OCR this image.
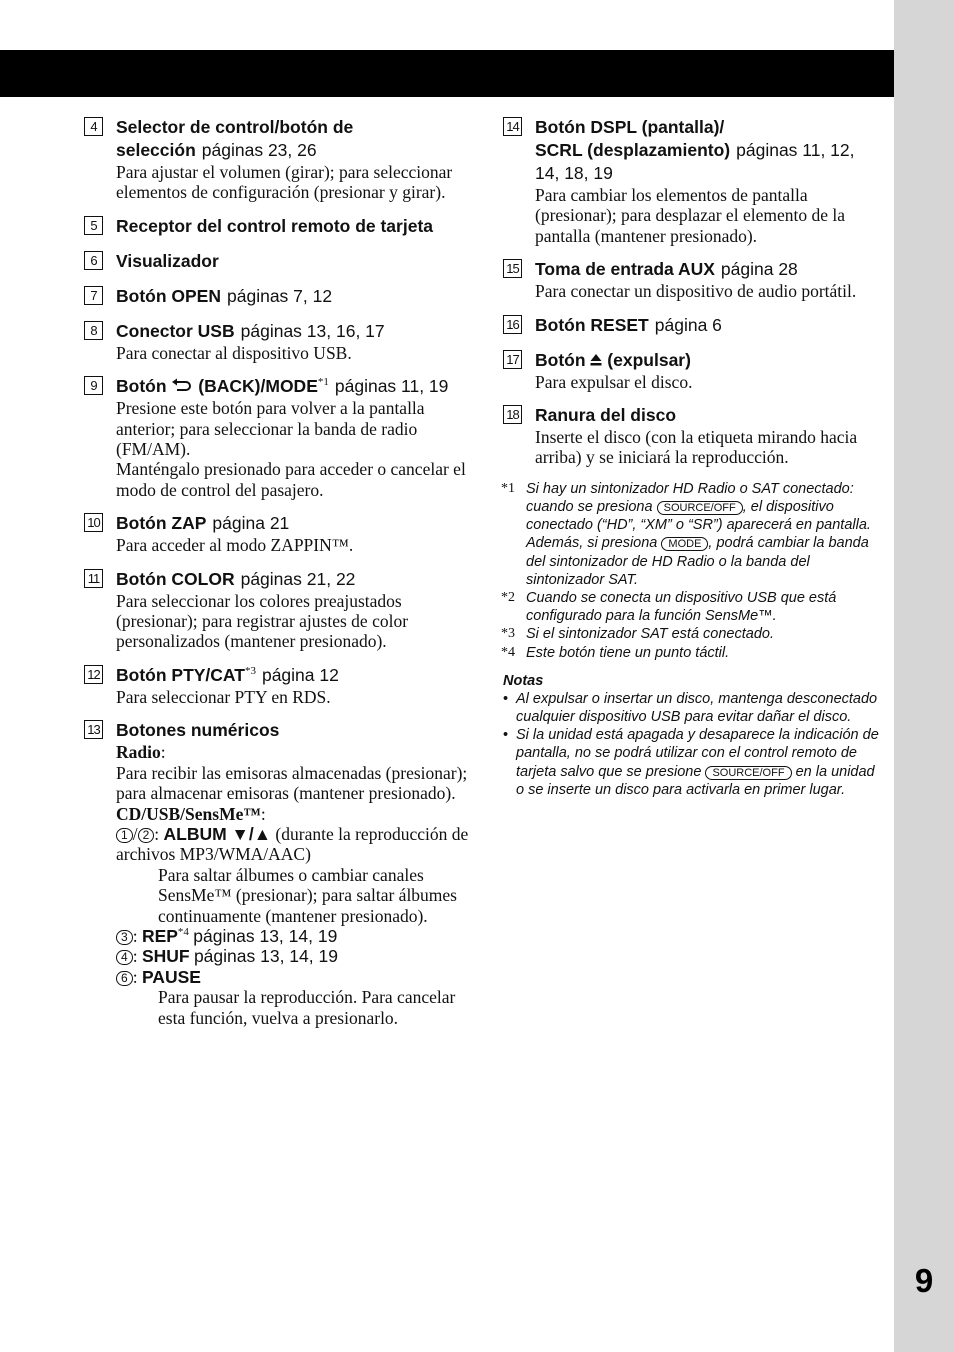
9
4	Selector de control/botón de selección páginas 23, 26
Para ajustar el volumen (girar); para seleccionar elementos de configuración (presionar y girar).
5	Receptor del control remoto de tarjeta
6	Visualizador
7	Botón OPEN páginas 7, 12
8	Conector USB páginas 13, 16, 17
Para conectar al dispositivo USB.
9	Botón (BACK)/MODE$^{*1}$ páginas 11, 19
Presione este botón para volver a la pantalla anterior; para seleccionar la banda de radio (FM/AM).
Manténgalo presionado para acceder o cancelar el modo de control del pasajero.
10 Botón ZAP página 21
Para acceder al modo ZAPPIN™.
11 Botón COLOR páginas 21, 22
Para seleccionar los colores preajustados (presionar); para registrar ajustes de color personalizados (mantener presionado).
12 Botón PTY/CAT$^{*3}$ página 12
Para seleccionar PTY en RDS.
13 Botones numéricos
Radio:
Para recibir las emisoras almacenadas (presionar); para almacenar emisoras (mantener presionado).
CD/USB/SensMe™:
1 / 2 : ALBUM ▼/▲ (durante la reproducción de archivos MP3/WMA/AAC)
Para saltar álbumes o cambiar canales SensMe™ (presionar); para saltar álbumes continuamente (mantener presionado).
3 : REP$^{*4}$ páginas 13, 14, 19
4 : SHUF páginas 13, 14, 19
6 : PAUSE
Para pausar la reproducción. Para cancelar esta función, vuelva a presionarlo.
14 Botón DSPL (pantalla)/
SCRL (desplazamiento) páginas 11, 12, 14, 18, 19
Para cambiar los elementos de pantalla (presionar); para desplazar el elemento de la pantalla (mantener presionado).
15 Toma de entrada AUX página 28
Para conectar un dispositivo de audio portátil.
16 Botón RESET página 6
17 Botón (expulsar)
Para expulsar el disco.
18 Ranura del disco
Inserte el disco (con la etiqueta mirando hacia arriba) y se iniciará la reproducción.
*1 Si hay un sintonizador HD Radio o SAT conectado: cuando se presiona SOURCE/OFF , el dispositivo conectado (“HD”, “XM” o “SR”) aparecerá en pantalla. Además, si presiona MODE , podrá cambiar la banda del sintonizador de HD Radio o la banda del sintonizador SAT.
*2 Cuando se conecta un dispositivo USB que está configurado para la función SensMe™.
*3 Si el sintonizador SAT está conectado.
*4 Este botón tiene un punto táctil.
Notas
• Al expulsar o insertar un disco, mantenga desconectado cualquier dispositivo USB para evitar dañar el disco.
• Si la unidad está apagada y desaparece la indicación de pantalla, no se podrá utilizar con el control remoto de tarjeta salvo que se presione SOURCE/OFF en la unidad o se inserte un disco para activarla en primer lugar.
